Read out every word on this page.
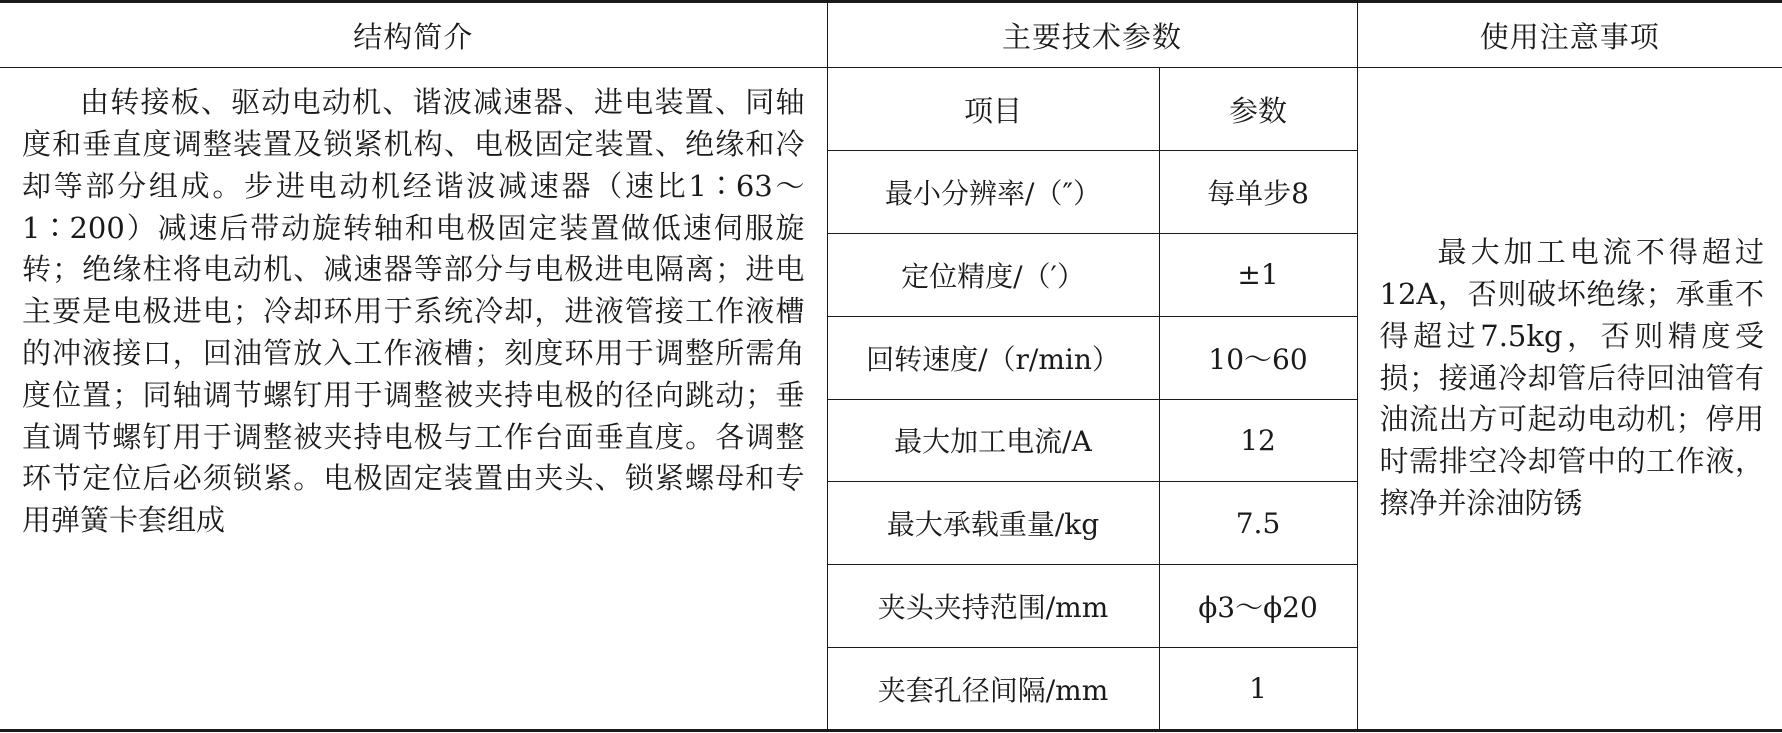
结构简介	主要技术参数		使用注意事项
由转接板、驱动电动机、谐波减速器、进电装置、同轴度和垂直度调整装置及锁紧机构、电极固定装置、绝缘和冷却等部分组成。步进电动机经谐波减速器（速比1∶63～1∶200）减速后带动旋转轴和电极固定装置做低速伺服旋转；绝缘柱将电动机、减速器等部分与电极进电隔离；进电主要是电极进电；冷却环用于系统冷却，进液管接工作液槽的冲液接口，回油管放入工作液槽；刻度环用于调整所需角度位置；同轴调节螺钉用于调整被夹持电极的径向跳动；垂直调节螺钉用于调整被夹持电极与工作台面垂直度。各调整环节定位后必须锁紧。电极固定装置由夹头、锁紧螺母和专用弹簧卡套组成	项目	参数	最大加工电流不得超过12A，否则破坏绝缘；承重不得超过7.5kg，否则精度受损；接通冷却管后待回油管有油流出方可起动电动机；停用时需排空冷却管中的工作液，擦净并涂油防锈

	最小分辨率/（″）	每单步8	
	定位精度/（′）	±1	
	回转速度/（r/min）	10～60	
	最大加工电流/A	12	
	最大承载重量/kg	7.5	
	夹头夹持范围/mm	ϕ3～ϕ20	
	夹套孔径间隔/mm	1	
